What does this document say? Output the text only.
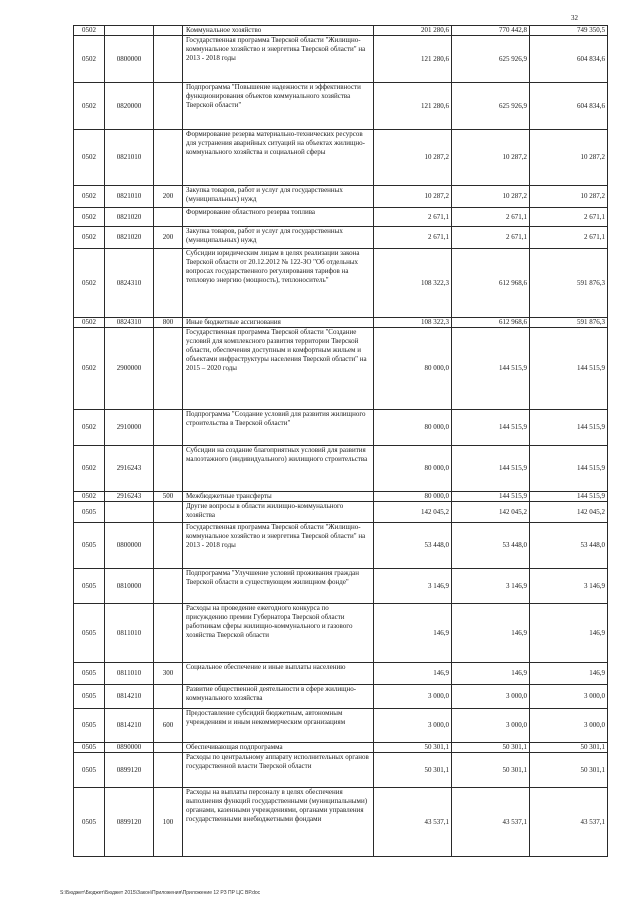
32
0502			Коммунальное хозяйство	201 280,6	770 442,8	749 350,5
0502	0800000		Государственная программа Тверской области "Жилищно-коммунальное хозяйство и энергетика Тверской области" на 2013 - 2018 годы	121 280,6	625 926,9	604 834,6
0502	0820000		Подпрограмма "Повышение надежности и эффективности функционирования объектов коммунального хозяйства Тверской области"	121 280,6	625 926,9	604 834,6
0502	0821010		Формирование резерва материально-технических ресурсов для устранения аварийных ситуаций на объектах жилищно-коммунального хозяйства и социальной сферы	10 287,2	10 287,2	10 287,2
0502	0821010	200	Закупка товаров, работ и услуг для государственных (муниципальных) нужд	10 287,2	10 287,2	10 287,2
0502	0821020		Формирование областного резерва топлива	2 671,1	2 671,1	2 671,1
0502	0821020	200	Закупка товаров, работ и услуг для государственных (муниципальных) нужд	2 671,1	2 671,1	2 671,1
0502	0824310		Субсидии юридическим лицам в целях реализации закона Тверской области от 20.12.2012 № 122-ЗО "Об отдельных вопросах государственного регулирования тарифов на тепловую энергию (мощность), теплоноситель"	108 322,3	612 968,6	591 876,3
0502	0824310	800	Иные бюджетные ассигнования	108 322,3	612 968,6	591 876,3
0502	2900000		Государственная программа Тверской области "Создание условий для комплексного развития территории Тверской области, обеспечения доступным и комфортным жильем и объектами инфраструктуры населения Тверской области" на 2015 – 2020 годы	80 000,0	144 515,9	144 515,9
0502	2910000		Подпрограмма "Создание условий для развития жилищного строительства в Тверской области"	80 000,0	144 515,9	144 515,9
0502	2916243		Субсидии на создание благоприятных условий для развития малоэтажного (индивидуального) жилищного строительства	80 000,0	144 515,9	144 515,9
0502	2916243	500	Межбюджетные трансферты	80 000,0	144 515,9	144 515,9
0505			Другие вопросы в области жилищно-коммунального хозяйства	142 045,2	142 045,2	142 045,2
0505	0800000		Государственная программа Тверской области "Жилищно-коммунальное хозяйство и энергетика Тверской области" на 2013 - 2018 годы	53 448,0	53 448,0	53 448,0
0505	0810000		Подпрограмма "Улучшение условий проживания граждан Тверской области в существующем жилищном фонде"	3 146,9	3 146,9	3 146,9
0505	0811010		Расходы на проведение ежегодного конкурса по присуждению премии Губернатора Тверской области работникам сферы жилищно-коммунального и газового хозяйства Тверской области	146,9	146,9	146,9
0505	0811010	300	Социальное обеспечение и иные выплаты населению	146,9	146,9	146,9
0505	0814210		Развитие общественной деятельности в сфере жилищно-коммунального хозяйства	3 000,0	3 000,0	3 000,0
0505	0814210	600	Предоставление субсидий бюджетным, автономным учреждениям и иным некоммерческим организациям	3 000,0	3 000,0	3 000,0
0505	0890000		Обеспечивающая подпрограмма	50 301,1	50 301,1	50 301,1
0505	0899120		Расходы по центральному аппарату исполнительных органов государственной власти Тверской области	50 301,1	50 301,1	50 301,1
0505	0899120	100	Расходы на выплаты персоналу в целях обеспечения выполнения функций государственными (муниципальными) органами, казенными учреждениями, органами управления государственными внебюджетными фондами	43 537,1	43 537,1	43 537,1
S:\Бюджет\Бюджет\Бюджет 2015\Закон\Приложения\Приложение 12 РЗ ПР ЦС ВР.doc
